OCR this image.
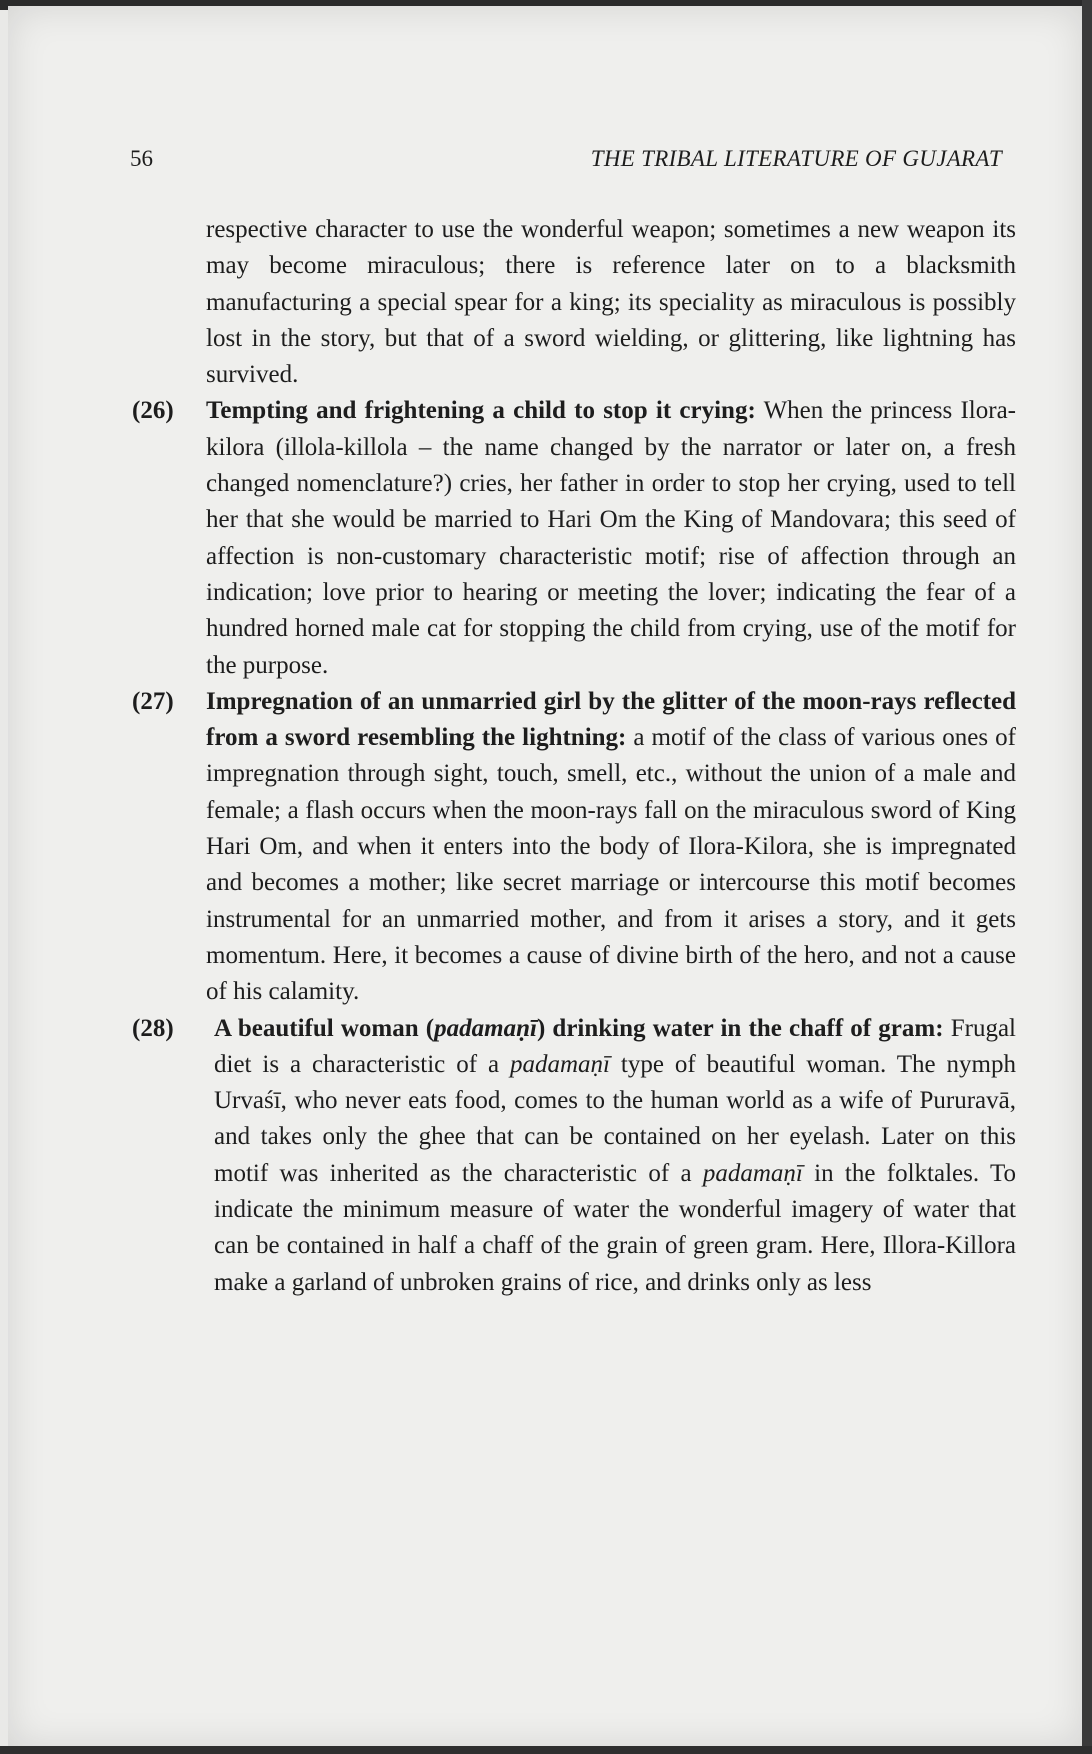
56	THE TRIBAL LITERATURE OF GUJARAT

respective character to use the wonderful weapon; sometimes a new weapon its may become miraculous; there is reference later on to a blacksmith manufacturing a special spear for a king; its speciality as miraculous is possibly lost in the story, but that of a sword wielding, or glittering, like lightning has survived.

(26)	Tempting and frightening a child to stop it crying: When the princess Ilora-kilora (illola-killola – the name changed by the narrator or later on, a fresh changed nomenclature?) cries, her father in order to stop her crying, used to tell her that she would be married to Hari Om the King of Mandovara; this seed of affection is non-customary characteristic motif; rise of affection through an indication; love prior to hearing or meeting the lover; indicating the fear of a hundred horned male cat for stopping the child from crying, use of the motif for the purpose.
(27)	Impregnation of an unmarried girl by the glitter of the moon-rays reflected from a sword resembling the lightning: a motif of the class of various ones of impregnation through sight, touch, smell, etc., without the union of a male and female; a flash occurs when the moon-rays fall on the miraculous sword of King Hari Om, and when it enters into the body of Ilora-Kilora, she is impregnated and becomes a mother; like secret marriage or intercourse this motif becomes instrumental for an unmarried mother, and from it arises a story, and it gets momentum. Here, it becomes a cause of divine birth of the hero, and not a cause of his calamity.
(28)	A beautiful woman (padamaṇī) drinking water in the chaff of gram: Frugal diet is a characteristic of a padamaṇī type of beautiful woman. The nymph Urvaśī, who never eats food, comes to the human world as a wife of Pururavā, and takes only the ghee that can be contained on her eyelash. Later on this motif was inherited as the characteristic of a padamaṇī in the folktales. To indicate the minimum measure of water the wonderful imagery of water that can be contained in half a chaff of the grain of green gram. Here, Illora-Killora make a garland of unbroken grains of rice, and drinks only as less
